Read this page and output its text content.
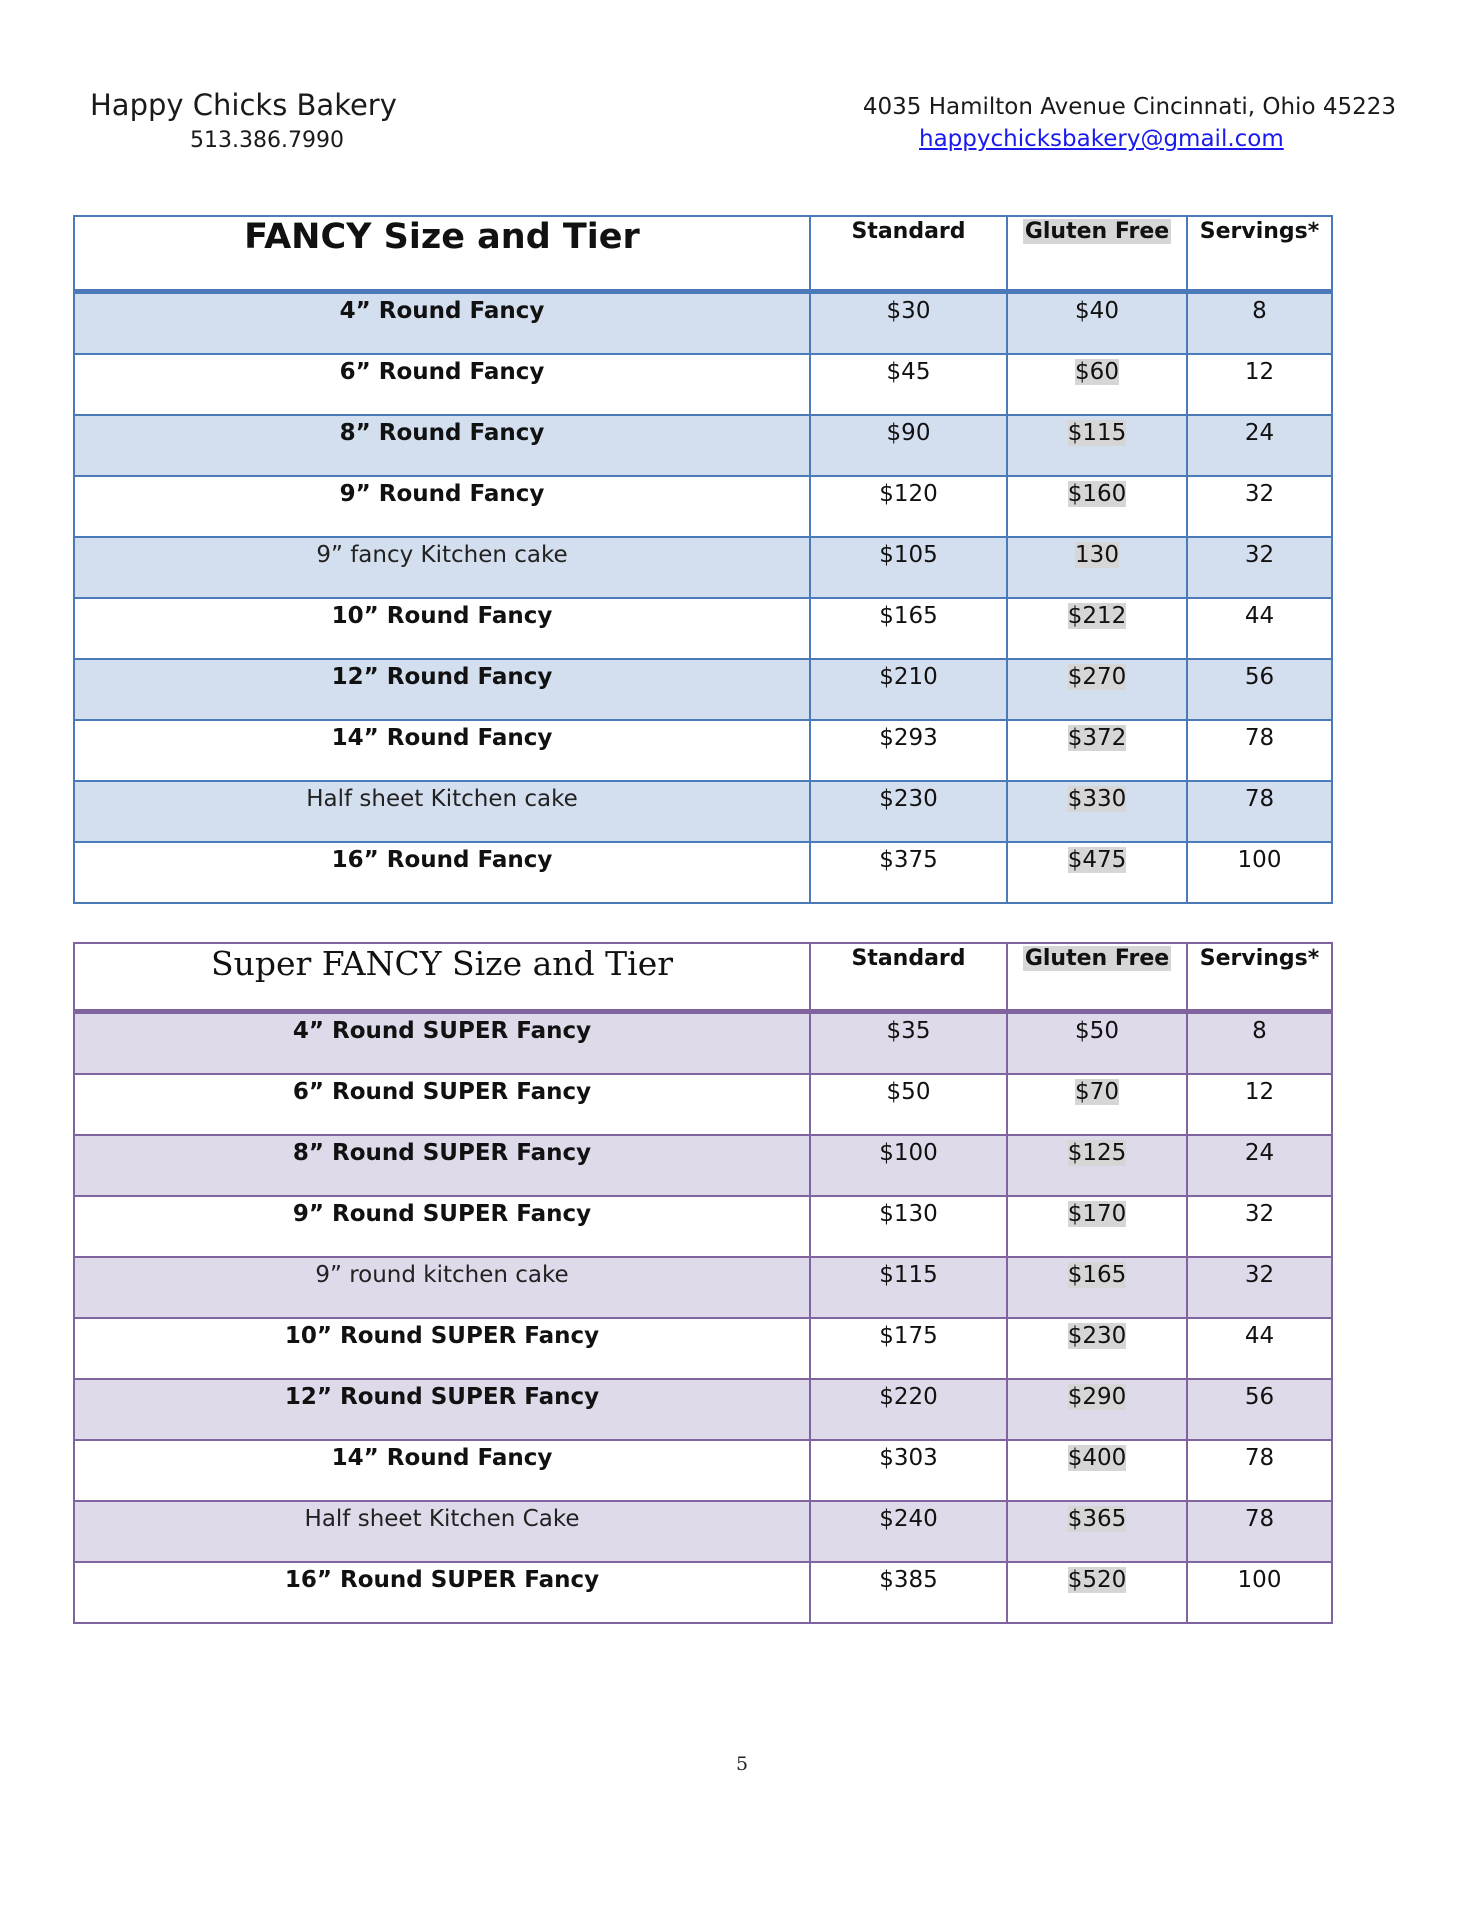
Happy Chicks Bakery
513.386.7990
4035 Hamilton Avenue Cincinnati, Ohio 45223
happychicksbakery@gmail.com
FANCY Size and Tier	Standard	Gluten Free	Servings*
4” Round Fancy	$30	$40	8
6” Round Fancy	$45	$60	12
8” Round Fancy	$90	$115	24
9” Round Fancy	$120	$160	32
9” fancy Kitchen cake	$105	130	32
10” Round Fancy	$165	$212	44
12” Round Fancy	$210	$270	56
14” Round Fancy	$293	$372	78
Half sheet Kitchen cake	$230	$330	78
16” Round Fancy	$375	$475	100
Super FANCY Size and Tier	Standard	Gluten Free	Servings*
4” Round SUPER Fancy	$35	$50	8
6” Round SUPER Fancy	$50	$70	12
8” Round SUPER Fancy	$100	$125	24
9” Round SUPER Fancy	$130	$170	32
9” round kitchen cake	$115	$165	32
10” Round SUPER Fancy	$175	$230	44
12” Round SUPER Fancy	$220	$290	56
14” Round Fancy	$303	$400	78
Half sheet Kitchen Cake	$240	$365	78
16” Round SUPER Fancy	$385	$520	100
5
